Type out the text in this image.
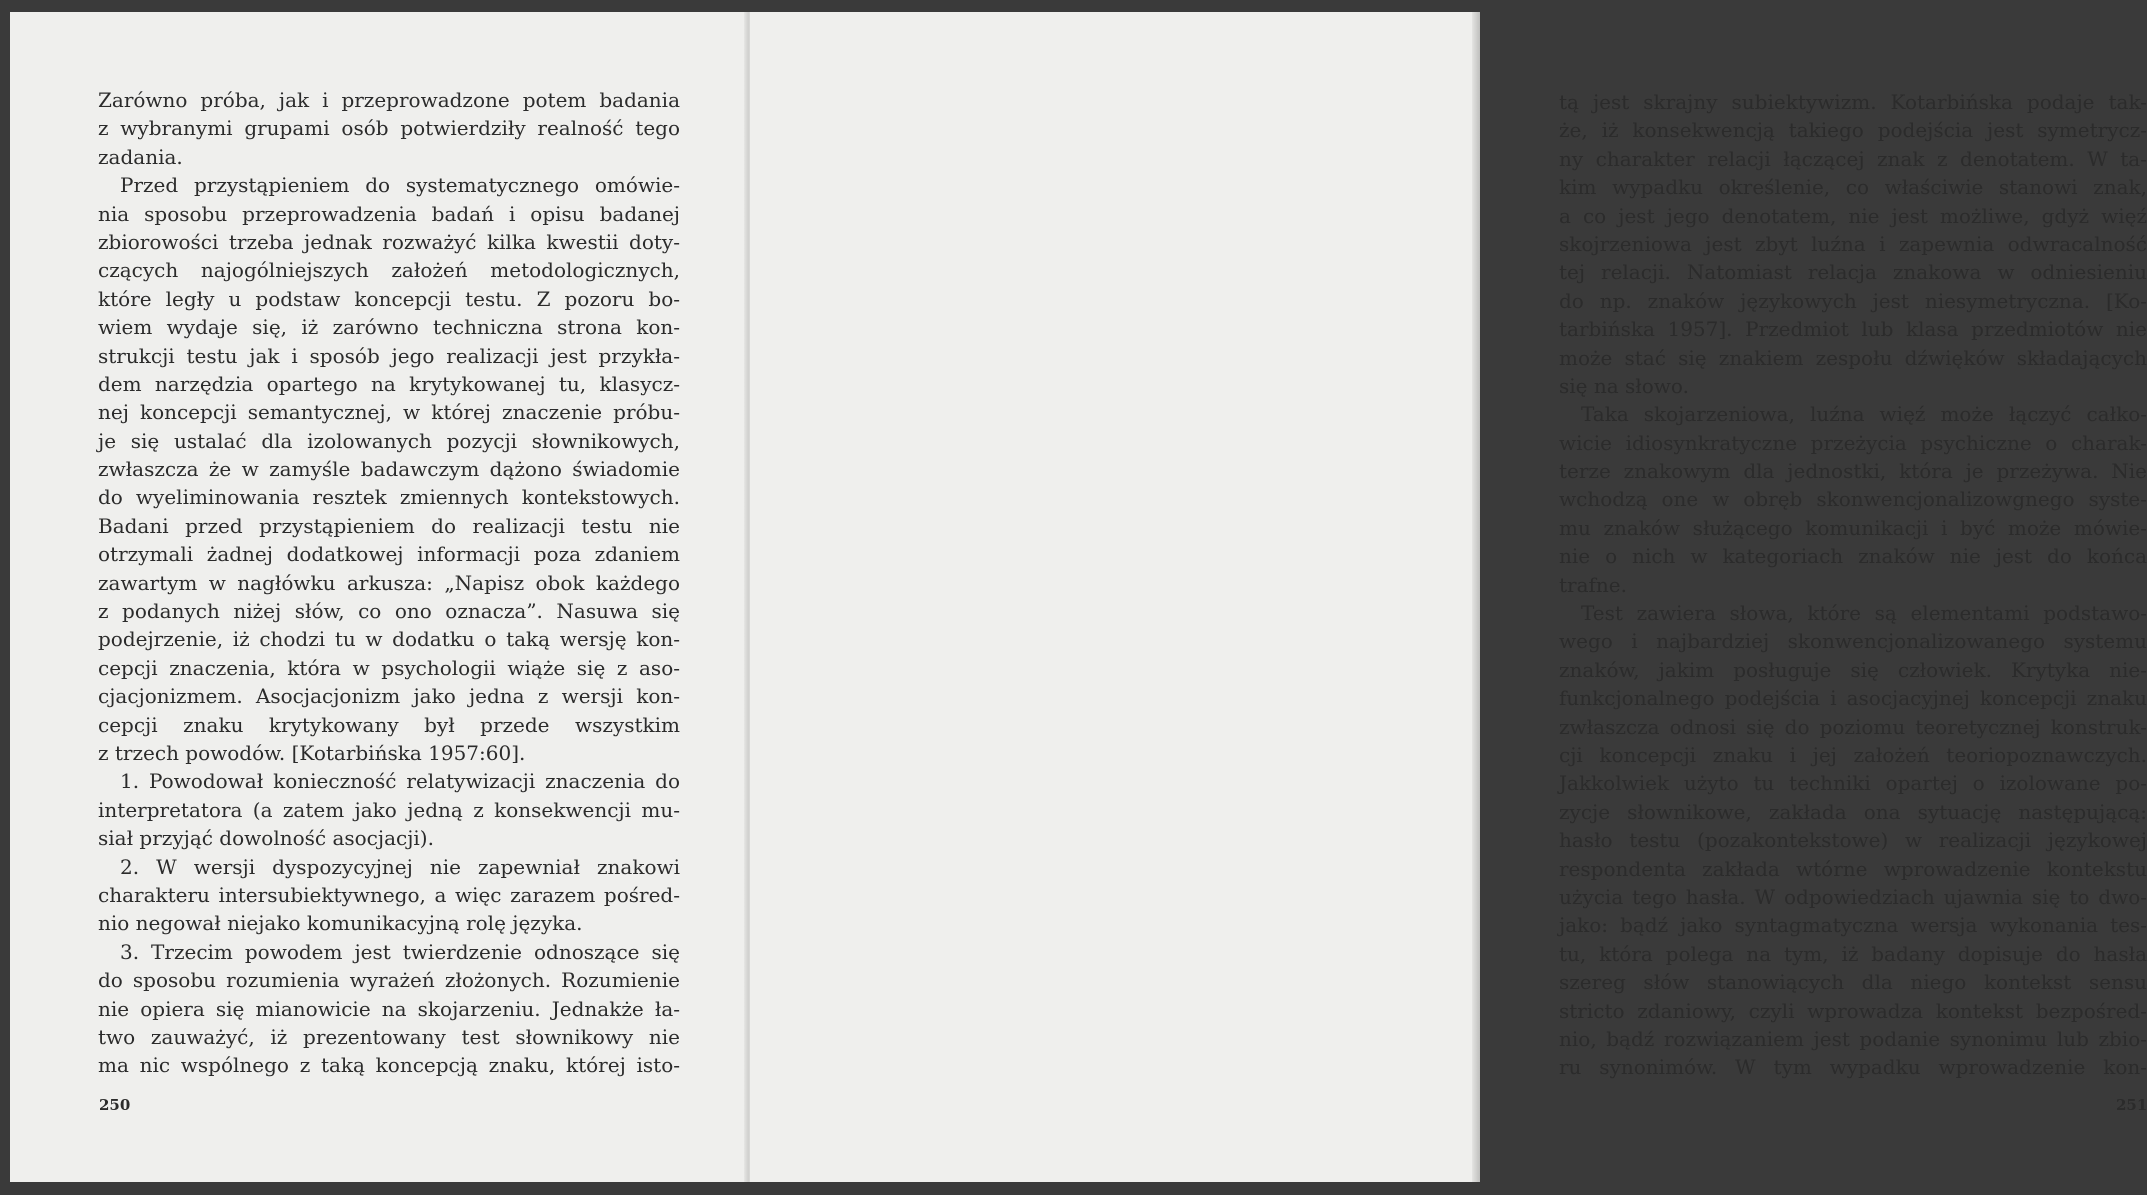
Zarówno próba, jak i przeprowadzone potem badania
z wybranymi grupami osób potwierdziły realność tego
zadania.
Przed przystąpieniem do systematycznego omówie-
nia sposobu przeprowadzenia badań i opisu badanej
zbiorowości trzeba jednak rozważyć kilka kwestii doty-
czących najogólniejszych założeń metodologicznych,
które legły u podstaw koncepcji testu. Z pozoru bo-
wiem wydaje się, iż zarówno techniczna strona kon-
strukcji testu jak i sposób jego realizacji jest przykła-
dem narzędzia opartego na krytykowanej tu, klasycz-
nej koncepcji semantycznej, w której znaczenie próbu-
je się ustalać dla izolowanych pozycji słownikowych,
zwłaszcza że w zamyśle badawczym dążono świadomie
do wyeliminowania resztek zmiennych kontekstowych.
Badani przed przystąpieniem do realizacji testu nie
otrzymali żadnej dodatkowej informacji poza zdaniem
zawartym w nagłówku arkusza: „Napisz obok każdego
z podanych niżej słów, co ono oznacza”. Nasuwa się
podejrzenie, iż chodzi tu w dodatku o taką wersję kon-
cepcji znaczenia, która w psychologii wiąże się z aso-
cjacjonizmem. Asocjacjonizm jako jedna z wersji kon-
cepcji znaku krytykowany był przede wszystkim
z trzech powodów. [Kotarbińska 1957:60].
1. Powodował konieczność relatywizacji znaczenia do
interpretatora (a zatem jako jedną z konsekwencji mu-
siał przyjąć dowolność asocjacji).
2. W wersji dyspozycyjnej nie zapewniał znakowi
charakteru intersubiektywnego, a więc zarazem pośred-
nio negował niejako komunikacyjną rolę języka.
3. Trzecim powodem jest twierdzenie odnoszące się
do sposobu rozumienia wyrażeń złożonych. Rozumienie
nie opiera się mianowicie na skojarzeniu. Jednakże ła-
two zauważyć, iż prezentowany test słownikowy nie
ma nic wspólnego z taką koncepcją znaku, której isto-
250
tą jest skrajny subiektywizm. Kotarbińska podaje tak-
że, iż konsekwencją takiego podejścia jest symetrycz-
ny charakter relacji łączącej znak z denotatem. W ta-
kim wypadku określenie, co właściwie stanowi znak,
a co jest jego denotatem, nie jest możliwe, gdyż więź
skojrzeniowa jest zbyt luźna i zapewnia odwracalność
tej relacji. Natomiast relacja znakowa w odniesieniu
do np. znaków językowych jest niesymetryczna. [Ko-
tarbińska 1957]. Przedmiot lub klasa przedmiotów nie
może stać się znakiem zespołu dźwięków składających
się na słowo.
Taka skojarzeniowa, luźna więź może łączyć całko-
wicie idiosynkratyczne przeżycia psychiczne o charak-
terze znakowym dla jednostki, która je przeżywa. Nie
wchodzą one w obręb skonwencjonalizowgnego syste-
mu znaków służącego komunikacji i być może mówie-
nie o nich w kategoriach znaków nie jest do końca
trafne.
Test zawiera słowa, które są elementami podstawo-
wego i najbardziej skonwencjonalizowanego systemu
znaków, jakim posługuje się człowiek. Krytyka nie-
funkcjonalnego podejścia i asocjacyjnej koncepcji znaku
zwłaszcza odnosi się do poziomu teoretycznej konstruk-
cji koncepcji znaku i jej założeń teoriopoznawczych.
Jakkolwiek użyto tu techniki opartej o izolowane po-
zycje słownikowe, zakłada ona sytuację następującą:
hasło testu (pozakontekstowe) w realizacji językowej
respondenta zakłada wtórne wprowadzenie kontekstu
użycia tego hasła. W odpowiedziach ujawnia się to dwo-
jako: bądź jako syntagmatyczna wersja wykonania tes-
tu, która polega na tym, iż badany dopisuje do hasła
szereg słów stanowiących dla niego kontekst sensu
stricto zdaniowy, czyli wprowadza kontekst bezpośred-
nio, bądź rozwiązaniem jest podanie synonimu lub zbio-
ru synonimów. W tym wypadku wprowadzenie kon-
251
